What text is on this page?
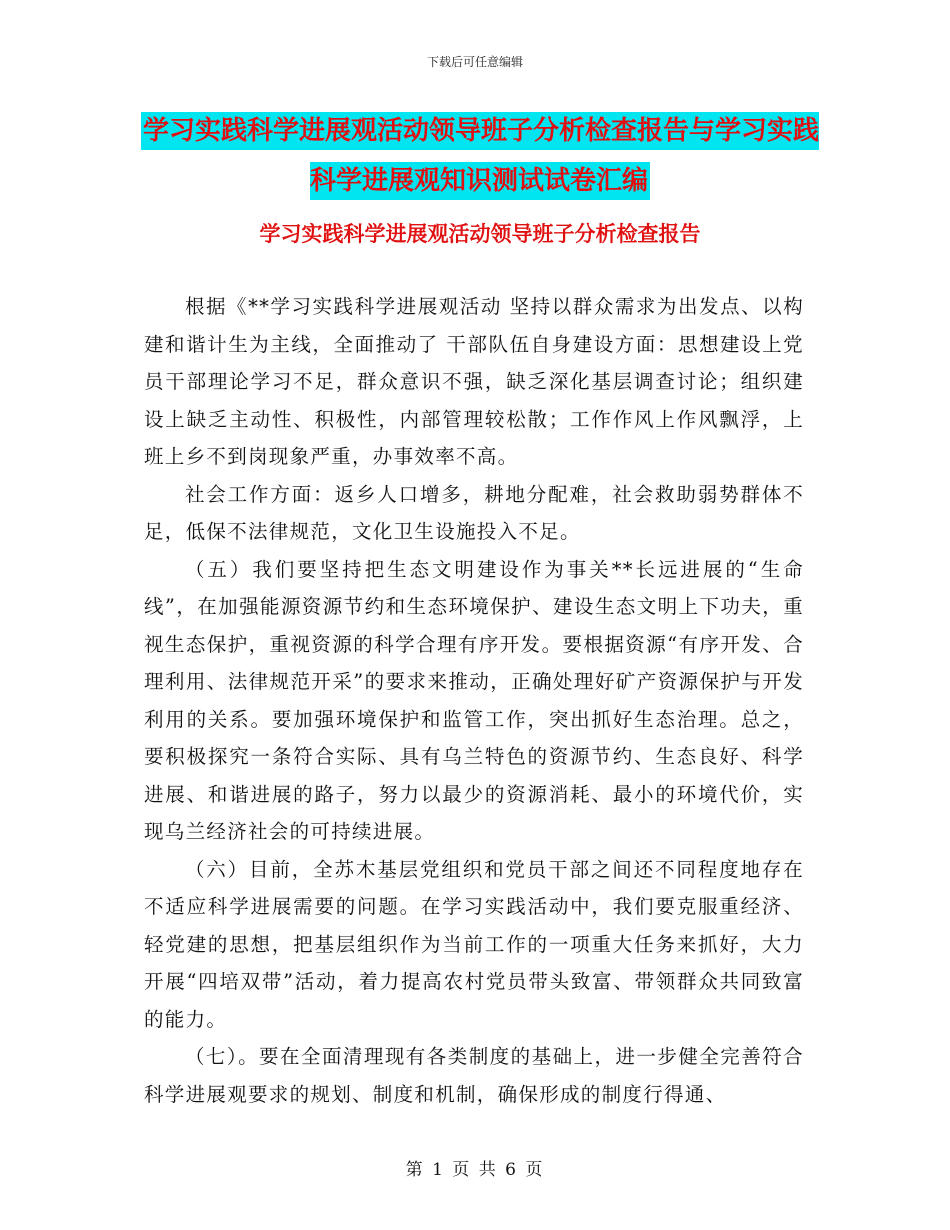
下载后可任意编辑
学习实践科学进展观活动领导班子分析检查报告与学习实践科学进展观知识测试试卷汇编
学习实践科学进展观活动领导班子分析检查报告

根据《**学习实践科学进展观活动 坚持以群众需求为出发点、以构建和谐计生为主线，全面推动了 干部队伍自身建设方面：思想建设上党员干部理论学习不足，群众意识不强，缺乏深化基层调查讨论；组织建设上缺乏主动性、积极性，内部管理较松散；工作作风上作风飘浮，上班上乡不到岗现象严重，办事效率不高。

社会工作方面：返乡人口增多，耕地分配难，社会救助弱势群体不足，低保不法律规范，文化卫生设施投入不足。

（五）我们要坚持把生态文明建设作为事关**长远进展的“生命线”，在加强能源资源节约和生态环境保护、建设生态文明上下功夫，重视生态保护，重视资源的科学合理有序开发。要根据资源“有序开发、合理利用、法律规范开采”的要求来推动，正确处理好矿产资源保护与开发利用的关系。要加强环境保护和监管工作，突出抓好生态治理。总之，要积极探究一条符合实际、具有乌兰特色的资源节约、生态良好、科学进展、和谐进展的路子，努力以最少的资源消耗、最小的环境代价，实现乌兰经济社会的可持续进展。

（六）目前，全苏木基层党组织和党员干部之间还不同程度地存在不适应科学进展需要的问题。在学习实践活动中，我们要克服重经济、轻党建的思想，把基层组织作为当前工作的一项重大任务来抓好，大力开展“四培双带”活动，着力提高农村党员带头致富、带领群众共同致富的能力。

（七）。要在全面清理现有各类制度的基础上，进一步健全完善符合科学进展观要求的规划、制度和机制，确保形成的制度行得通、

第 1 页 共 6 页
